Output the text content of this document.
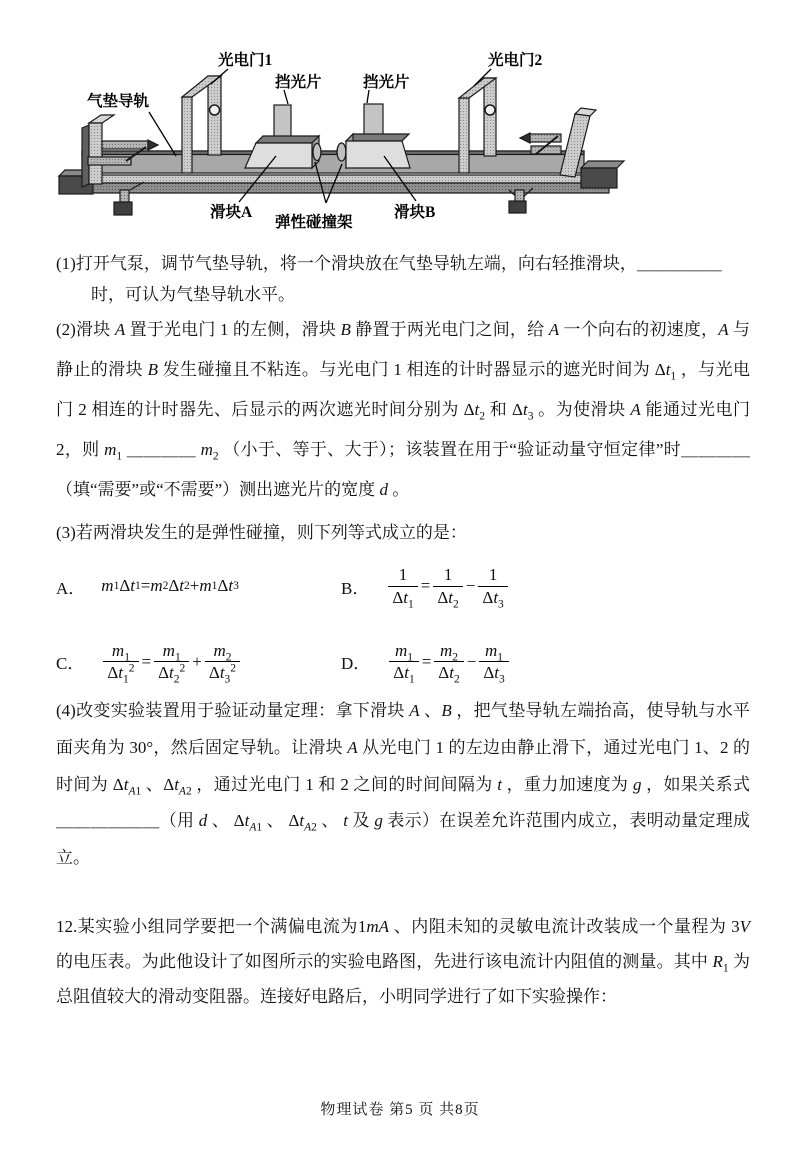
气垫导轨
光电门1
挡光片	挡光片
光电门2
滑块A
弹性碰撞架
滑块B
(1)打开气泵，调节气垫导轨，将一个滑块放在气垫导轨左端，向右轻推滑块，＿＿＿＿＿
时，可认为气垫导轨水平。
(2)滑块 A 置于光电门 1 的左侧，滑块 B 静置于两光电门之间，给 A 一个向右的初速度，A 与静止的滑块 B 发生碰撞且不粘连。与光电门 1 相连的计时器显示的遮光时间为 $\Delta t_1$ ，与光电门 2 相连的计时器先、后显示的两次遮光时间分别为 $\Delta t_2$ 和 $\Delta t_3$ 。为使滑块 A 能通过光电门 2，则 $m_1$ ＿＿＿＿ $m_2$ （小于、等于、大于）；该装置在用于“验证动量守恒定律”时＿＿＿＿（填“需要”或“不需要”）测出遮光片的宽度 d 。
(3)若两滑块发生的是弹性碰撞，则下列等式成立的是：
A． m 1 Δ t 1 = m 2 Δ t 2 + m 1 Δ t 3	B． $\frac{1}{\Delta t_1} = \frac{1}{\Delta t_2} - \frac{1}{\Delta t_3}$
C． $\frac{m_1}{\Delta t_1^2} = \frac{m_1}{\Delta t_2^2} + \frac{m_2}{\Delta t_3^2}$	D． $\frac{m_1}{\Delta t_1} = \frac{m_2}{\Delta t_2} - \frac{m_1}{\Delta t_3}$
(4)改变实验装置用于验证动量定理：拿下滑块 A 、B ，把气垫导轨左端抬高，使导轨与水平面夹角为 30°，然后固定导轨。让滑块 A 从光电门 1 的左边由静止滑下，通过光电门 1、2 的时间为 $\Delta t_{A1}$ 、$\Delta t_{A2}$ ，通过光电门 1 和 2 之间的时间间隔为 t ，重力加速度为 g ，如果关系式＿＿＿＿＿＿（用 d 、 $\Delta t_{A1}$ 、 $\Delta t_{A2}$ 、 t 及 g 表示）在误差允许范围内成立，表明动量定理成立。
12.某实验小组同学要把一个满偏电流为1mA 、内阻未知的灵敏电流计改装成一个量程为 3V 的电压表。为此他设计了如图所示的实验电路图，先进行该电流计内阻值的测量。其中 $R_1$ 为总阻值较大的滑动变阻器。连接好电路后，小明同学进行了如下实验操作：
物理试卷 第5 页 共8页
